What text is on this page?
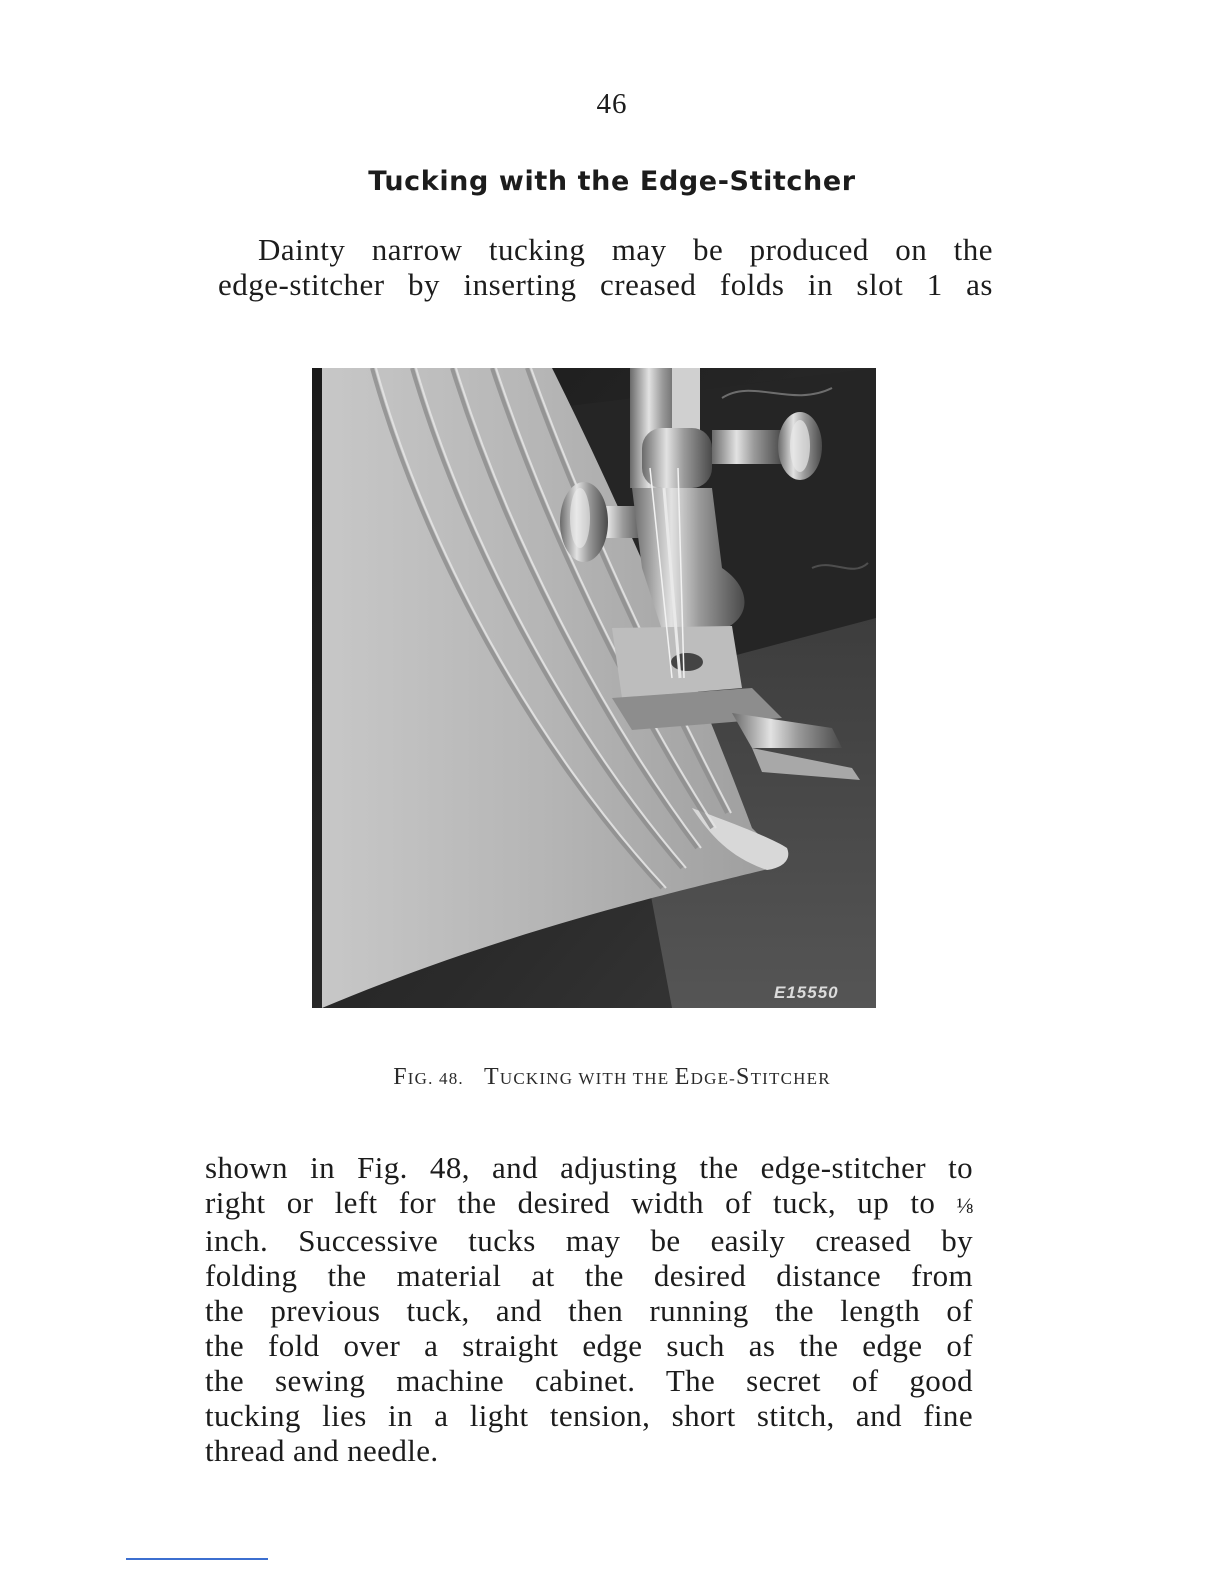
46
Tucking with the Edge-Stitcher
Dainty narrow tucking may be produced on the
edge-stitcher by inserting creased folds in slot 1 as
E15550
FIG. 48. TUCKING WITH THE EDGE-STITCHER
shown in Fig. 48, and adjusting the edge-stitcher to
right or left for the desired width of tuck, up to ⅛
inch. Successive tucks may be easily creased by
folding the material at the desired distance from
the previous tuck, and then running the length of
the fold over a straight edge such as the edge of
the sewing machine cabinet. The secret of good
tucking lies in a light tension, short stitch, and fine
thread and needle.
